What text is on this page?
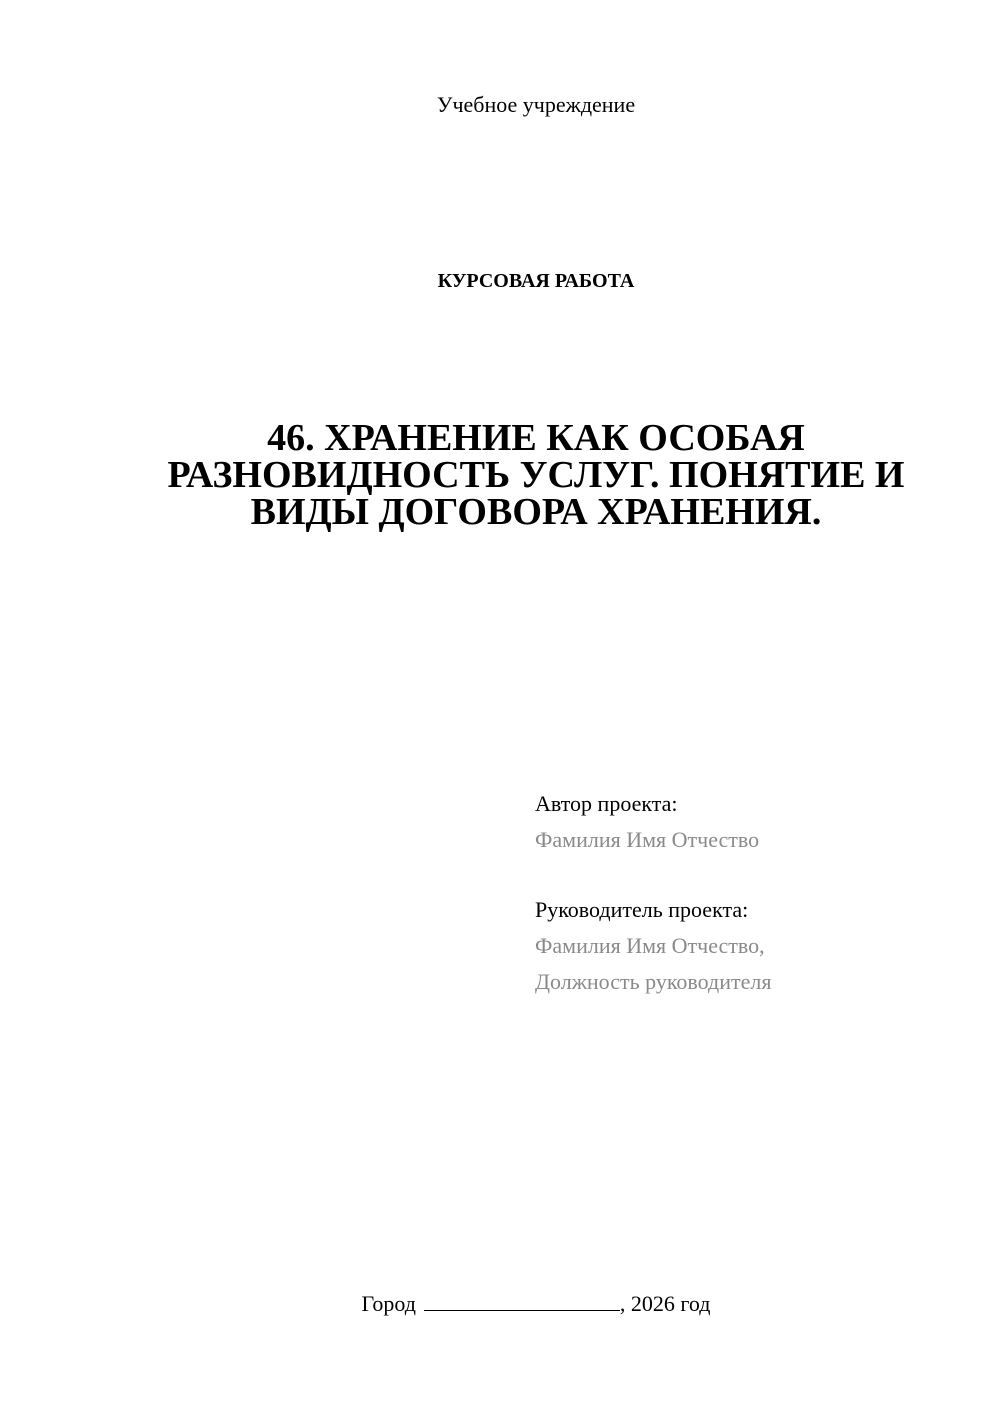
Учебное учреждение
КУРСОВАЯ РАБОТА
46. ХРАНЕНИЕ КАК ОСОБАЯ
РАЗНОВИДНОСТЬ УСЛУГ. ПОНЯТИЕ И
ВИДЫ ДОГОВОРА ХРАНЕНИЯ.
Автор проекта:
Фамилия Имя Отчество
Руководитель проекта:
Фамилия Имя Отчество,
Должность руководителя
Город	, 2026 год
